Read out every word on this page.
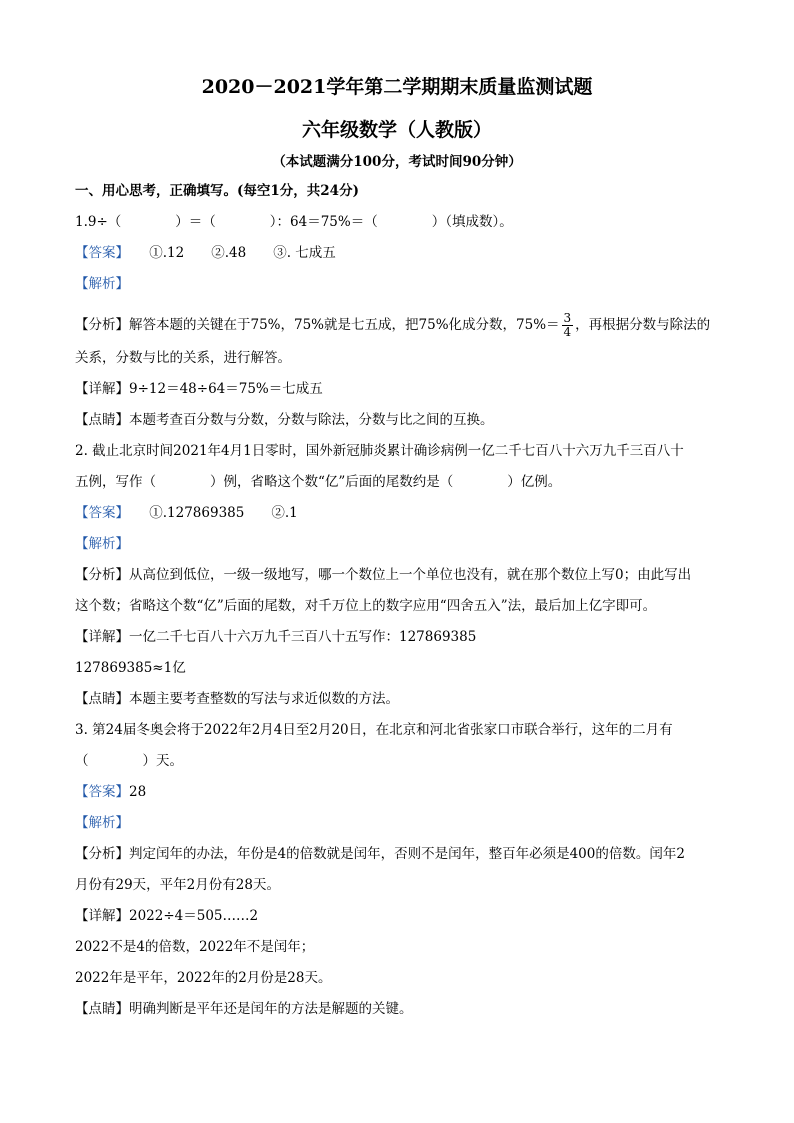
2020－2021学年第二学期期末质量监测试题
六年级数学（人教版）
（本试题满分100分，考试时间90分钟）
一、用心思考，正确填写。(每空1分，共24分)
1.9÷（　　　　）＝（　　　　）：64＝75%＝（　　　　）（填成数）。
【答案】　　①.12　　②.48　　③. 七成五
【解析】
【分析】解答本题的关键在于75%，75%就是七五成，把75%化成分数，$75\%= \frac{3}{4}$ ，再根据分数与除法的
关系，分数与比的关系，进行解答。
【详解】9÷12＝48÷64＝75%＝七成五
【点睛】本题考查百分数与分数，分数与除法，分数与比之间的互换。
2. 截止北京时间2021年4月1日零时，国外新冠肺炎累计确诊病例一亿二千七百八十六万九千三百八十
五例，写作（　　　　）例，省略这个数“亿”后面的尾数约是（　　　　）亿例。
【答案】　　①.127869385　　②.1
【解析】
【分析】从高位到低位，一级一级地写，哪一个数位上一个单位也没有，就在那个数位上写0；由此写出
这个数；省略这个数“亿”后面的尾数，对千万位上的数字应用“四舍五入”法，最后加上亿字即可。
【详解】一亿二千七百八十六万九千三百八十五写作：127869385
127869385≈1亿
【点睛】本题主要考查整数的写法与求近似数的方法。
3. 第24届冬奥会将于2022年2月4日至2月20日，在北京和河北省张家口市联合举行，这年的二月有
（　　　　）天。
【答案】28
【解析】
【分析】判定闰年的办法，年份是4的倍数就是闰年，否则不是闰年，整百年必须是400的倍数。闰年2
月份有29天，平年2月份有28天。
【详解】2022÷4＝505……2
2022不是4的倍数，2022年不是闰年；
2022年是平年，2022年的2月份是28天。
【点睛】明确判断是平年还是闰年的方法是解题的关键。
